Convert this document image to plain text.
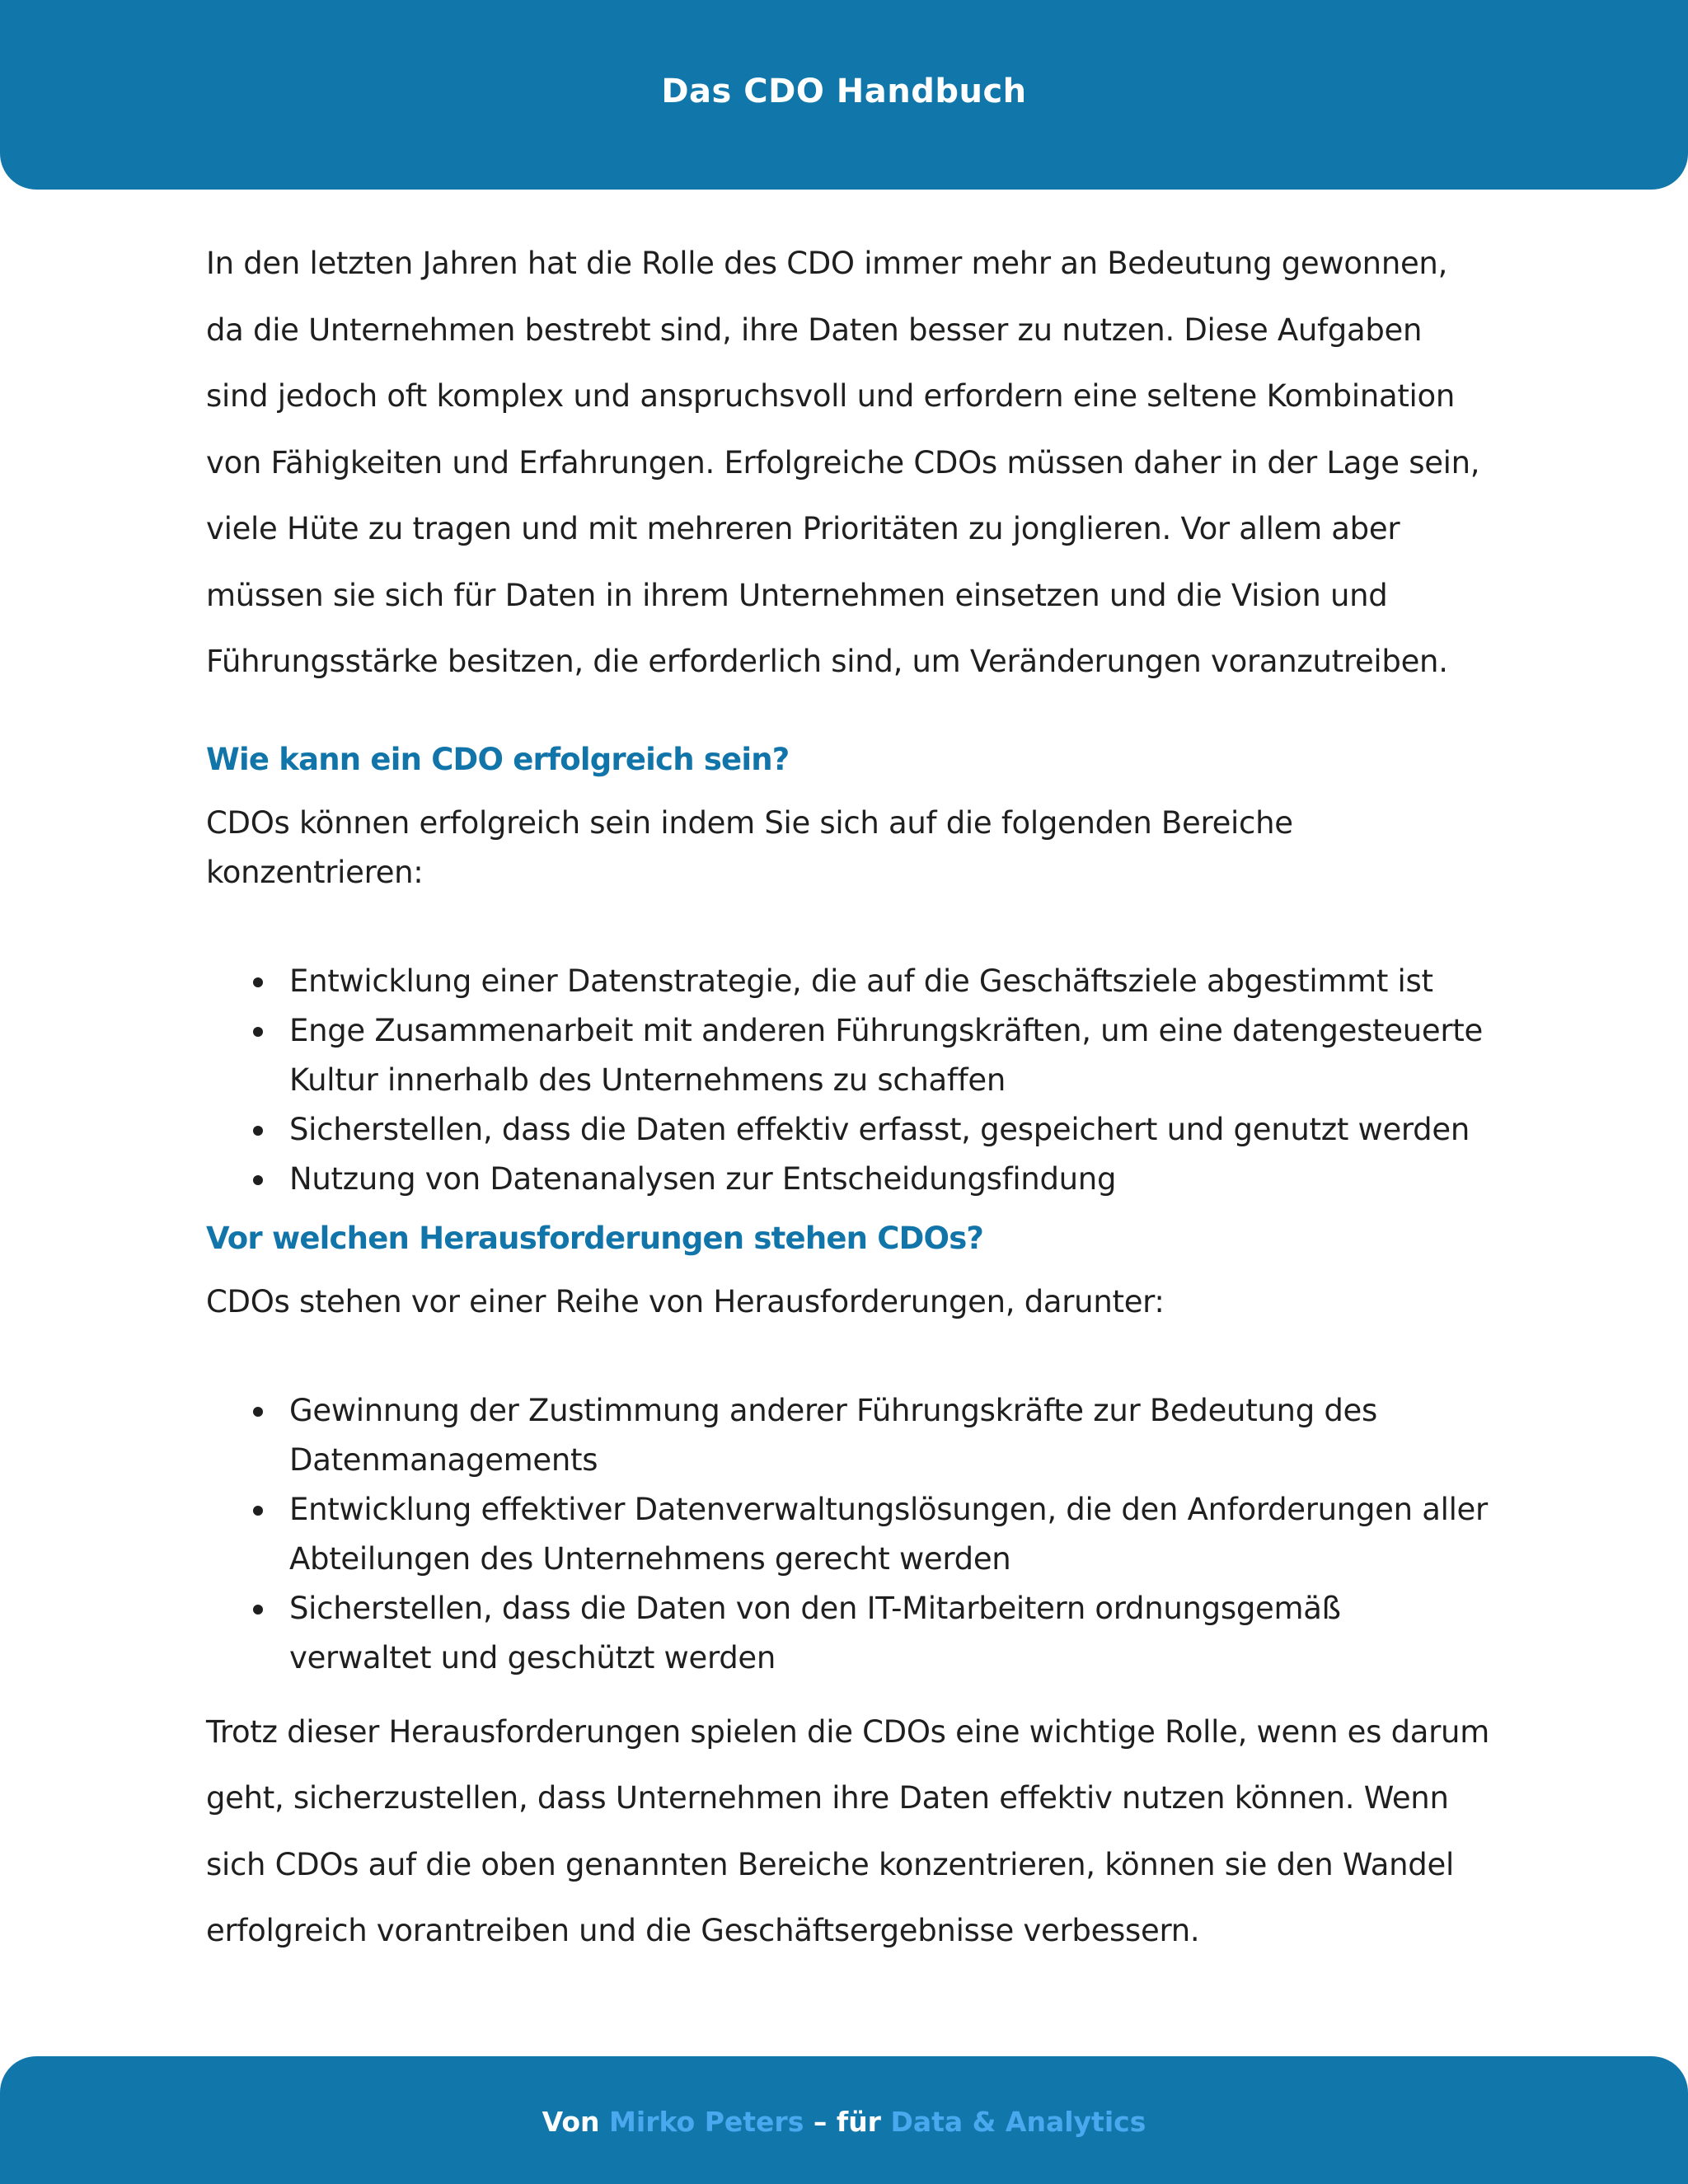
Das CDO Handbuch

In den letzten Jahren hat die Rolle des CDO immer mehr an Bedeutung gewonnen, da die Unternehmen bestrebt sind, ihre Daten besser zu nutzen. Diese Aufgaben sind jedoch oft komplex und anspruchsvoll und erfordern eine seltene Kombination von Fähigkeiten und Erfahrungen. Erfolgreiche CDOs müssen daher in der Lage sein, viele Hüte zu tragen und mit mehreren Prioritäten zu jonglieren. Vor allem aber müssen sie sich für Daten in ihrem Unternehmen einsetzen und die Vision und Führungsstärke besitzen, die erforderlich sind, um Veränderungen voranzutreiben.

Wie kann ein CDO erfolgreich sein?

CDOs können erfolgreich sein indem Sie sich auf die folgenden Bereiche konzentrieren:

Entwicklung einer Datenstrategie, die auf die Geschäftsziele abgestimmt ist
Enge Zusammenarbeit mit anderen Führungskräften, um eine datengesteuerte Kultur innerhalb des Unternehmens zu schaffen
Sicherstellen, dass die Daten effektiv erfasst, gespeichert und genutzt werden
Nutzung von Datenanalysen zur Entscheidungsfindung
Vor welchen Herausforderungen stehen CDOs?

CDOs stehen vor einer Reihe von Herausforderungen, darunter:

Gewinnung der Zustimmung anderer Führungskräfte zur Bedeutung des Datenmanagements
Entwicklung effektiver Datenverwaltungslösungen, die den Anforderungen aller Abteilungen des Unternehmens gerecht werden
Sicherstellen, dass die Daten von den IT-Mitarbeitern ordnungsgemäß verwaltet und geschützt werden

Trotz dieser Herausforderungen spielen die CDOs eine wichtige Rolle, wenn es darum geht, sicherzustellen, dass Unternehmen ihre Daten effektiv nutzen können. Wenn sich CDOs auf die oben genannten Bereiche konzentrieren, können sie den Wandel erfolgreich vorantreiben und die Geschäftsergebnisse verbessern.

Von Mirko Peters – für Data & Analytics
